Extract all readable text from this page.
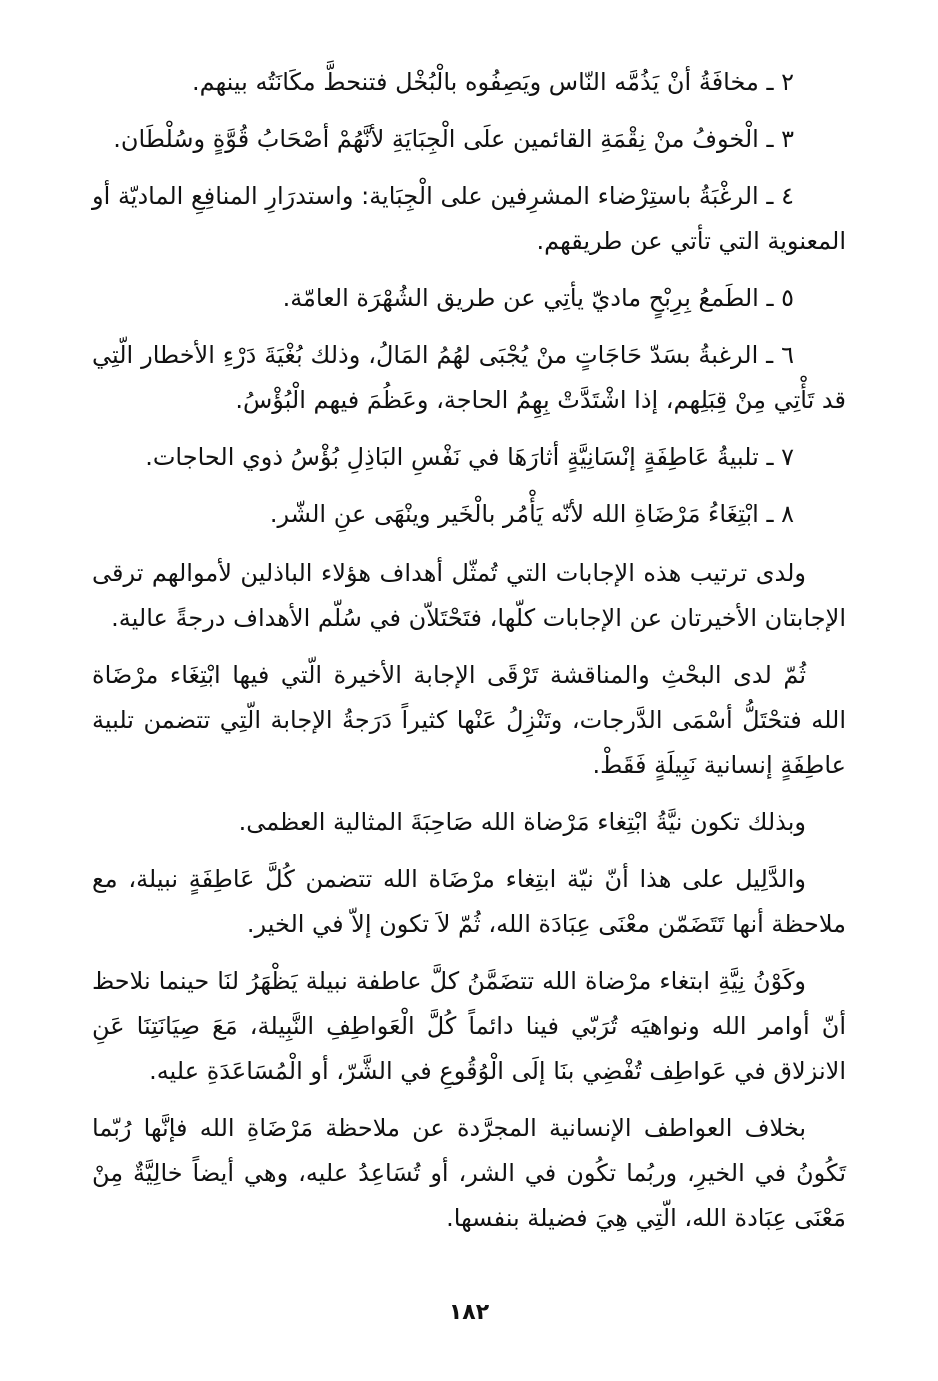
٢ ـ مخافَةُ أنْ يَذُمَّه النّاس ويَصِفُوه بالْبُخْل فتنحطَّ مكَانَتُه بينهم.

٣ ـ الْخوفُ منْ نِقْمَةِ القائمين علَى الْجِبَايَةِ لأنَّهُمْ أصْحَابُ قُوَّةٍ وسُلْطَان.

٤ ـ الرغْبَةُ باستِرْضاء المشرِفين على الْجِبَاية: واستدرَارِ المنافِعِ الماديّة أو المعنوية التي تأتي عن طريقهم.

٥ ـ الطَمعُ بِرِبْحٍ ماديّ يأتِي عن طريق الشُهْرَة العامّة.

٦ ـ الرغبةُ بسَدّ حَاجَاتٍ منْ يُجْبَى لهُمُ المَالُ، وذلك بُغْيَةَ دَرْءِ الأخطار الّتِي قد تَأْتِي مِنْ قِبَلِهم، إذا اشْتَدَّتْ بِهِمُ الحاجة، وعَظُمَ فيهم الْبُؤْسُ.

٧ ـ تلبيةُ عَاطِفَةٍ إنْسَانِيَّةٍ أثارَهَا في نَفْسِ البَاذِلِ بُؤْسُ ذوي الحاجات.

٨ ـ ابْتِغَاءُ مَرْضَاةِ الله لأنّه يَأْمُر بالْخَير وينْهَى عنِ الشّر.

ولدى ترتيب هذه الإجابات التي تُمثّل أهداف هؤلاء الباذلين لأموالهم ترقى الإجابتان الأخيرتان عن الإجابات كلّها، فتَحْتَلاّن في سُلّم الأهداف درجةً عالية.

ثُمّ لدى البحْثِ والمناقشة تَرْقَى الإجابة الأخيرة الّتي فيها ابْتِغَاء مرْضَاة الله فتحْتَلُّ أسْمَى الدَّرجات، وتَنْزِلُ عَنْها كثيراً دَرَجةُ الإجابة الّتِي تتضمن تلبية عاطِفَةٍ إنسانية نَبِيلَةٍ فَقَطْ.

وبذلك تكون نيَّةُ ابْتِغاء مَرْضاة الله صَاحِبَةَ المثالية العظمى.

والدَّلِيل على هذا أنّ نيّة ابتِغاء مرْضَاة الله تتضمن كُلَّ عَاطِفَةٍ نبيلة، مع ملاحظة أنها تَتَضَمّن معْنَى عِبَادَة الله، ثُمّ لاَ تكون إلاّ في الخير.

وكَوْنُ نِيَّةِ ابتغاء مرْضاة الله تتضَمَّنُ كلَّ عاطفة نبيلة يَظْهَرُ لنَا حينما نلاحظ أنّ أوامر الله ونواهيَه تُرَبّي فينا دائماً كُلَّ الْعَواطِفِ النَّبِيلة، مَعَ صِيَانَتِنَا عَنِ الانزلاق في عَواطِف تُفْضِي بنَا إلَى الْوُقُوعِ في الشَّرّ، أو الْمُسَاعَدَةِ عليه.

بخلاف العواطف الإنسانية المجرَّدة عن ملاحظة مَرْضَاةِ الله فإنَّها رُبّما تَكُونُ في الخيرِ، وربُما تكُون في الشر، أو تُسَاعِدُ عليه، وهي أيضاً خالِيَّةٌ مِنْ مَعْنَى عِبَادة الله، الّتِي هِيَ فضيلة بنفسها.

١٨٢
